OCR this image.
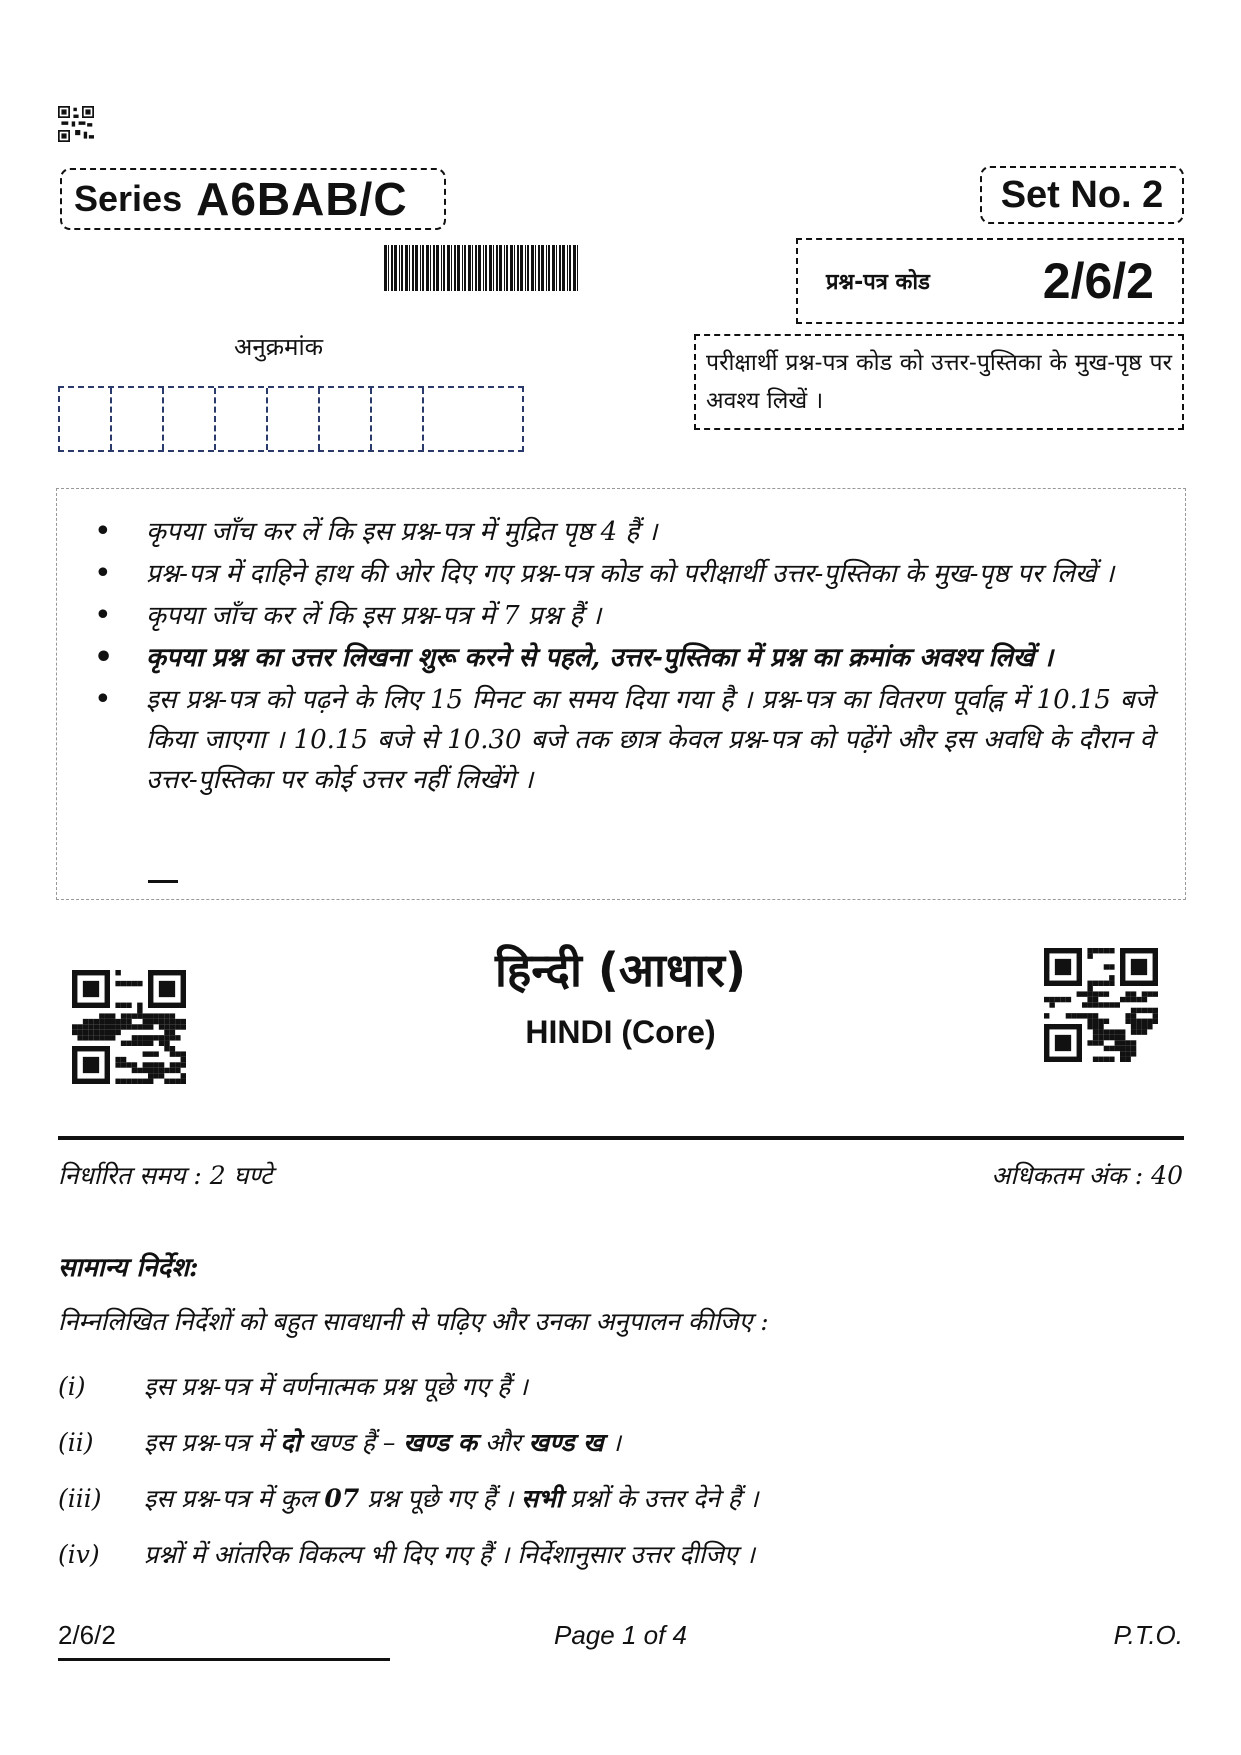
Series A6BAB/C	Set No. 2
प्रश्न-पत्र कोड 2/6/2
अनुक्रमांक
परीक्षार्थी प्रश्न-पत्र कोड को उत्तर-पुस्तिका के मुख-पृष्ठ पर अवश्य लिखें ।
• कृपया जाँच कर लें कि इस प्रश्न-पत्र में मुद्रित पृष्ठ 4 हैं ।
• प्रश्न-पत्र में दाहिने हाथ की ओर दिए गए प्रश्न-पत्र कोड को परीक्षार्थी उत्तर-पुस्तिका के मुख-पृष्ठ पर लिखें ।
• कृपया जाँच कर लें कि इस प्रश्न-पत्र में 7 प्रश्न हैं ।
• कृपया प्रश्न का उत्तर लिखना शुरू करने से पहले, उत्तर-पुस्तिका में प्रश्न का क्रमांक अवश्य लिखें ।
• इस प्रश्न-पत्र को पढ़ने के लिए 15 मिनट का समय दिया गया है । प्रश्न-पत्र का वितरण पूर्वाह्न में 10.15 बजे किया जाएगा । 10.15 बजे से 10.30 बजे तक छात्र केवल प्रश्न-पत्र को पढ़ेंगे और इस अवधि के दौरान वे उत्तर-पुस्तिका पर कोई उत्तर नहीं लिखेंगे ।
हिन्दी (आधार)
HINDI (Core)
निर्धारित समय : 2 घण्टे	अधिकतम अंक : 40
सामान्य निर्देश:
निम्नलिखित निर्देशों को बहुत सावधानी से पढ़िए और उनका अनुपालन कीजिए :
(i)	इस प्रश्न-पत्र में वर्णनात्मक प्रश्न पूछे गए हैं ।
(ii)	इस प्रश्न-पत्र में दो खण्ड हैं – खण्ड क और खण्ड ख ।
(iii)	इस प्रश्न-पत्र में कुल 07 प्रश्न पूछे गए हैं । सभी प्रश्नों के उत्तर देने हैं ।
(iv)	प्रश्नों में आंतरिक विकल्प भी दिए गए हैं । निर्देशानुसार उत्तर दीजिए ।
2/6/2	Page 1 of 4	P.T.O.
